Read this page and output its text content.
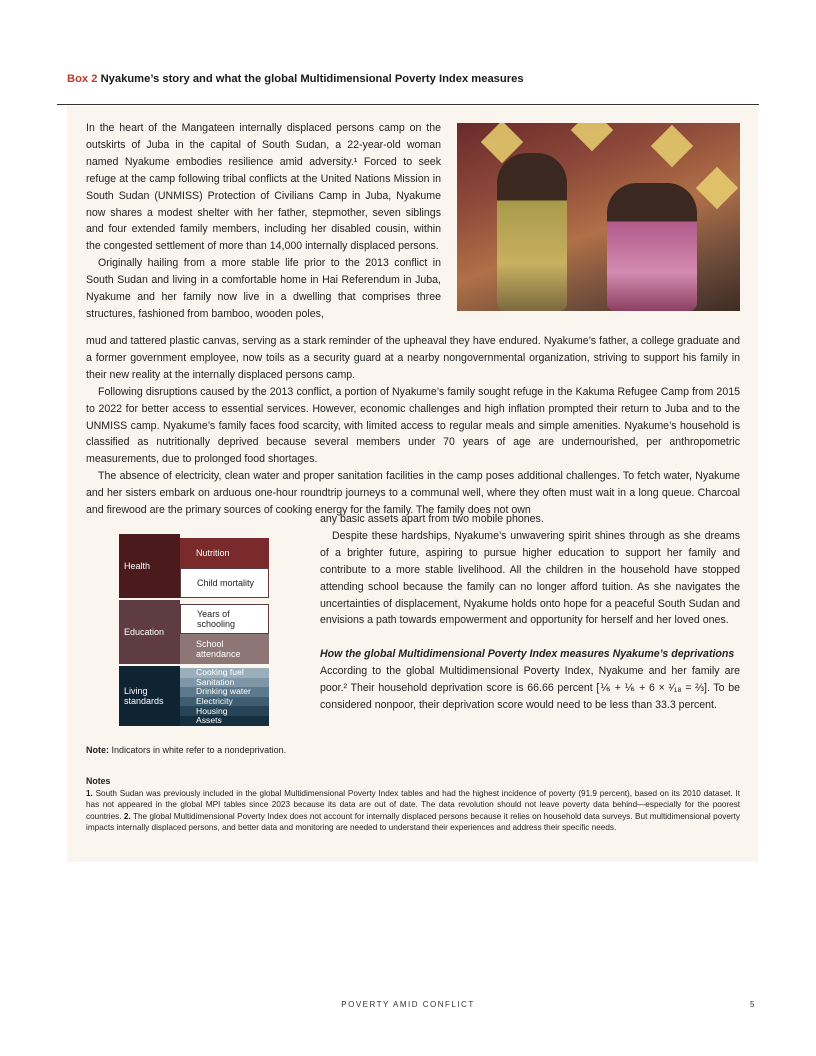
Box 2 Nyakume’s story and what the global Multidimensional Poverty Index measures

In the heart of the Mangateen internally displaced persons camp on the outskirts of Juba in the capital of South Sudan, a 22-year-old woman named Nyakume embodies resilience amid adversity.¹ Forced to seek refuge at the camp following tribal conflicts at the United Nations Mission in South Sudan (UNMISS) Protection of Civilians Camp in Juba, Nyakume now shares a modest shelter with her father, stepmother, seven siblings and four extended family members, including her disabled cousin, within the congested settlement of more than 14,000 internally displaced persons.

Originally hailing from a more stable life prior to the 2013 conflict in South Sudan and living in a comfortable home in Hai Referendum in Juba, Nyakume and her family now live in a dwelling that comprises three structures, fashioned from bamboo, wooden poles,

mud and tattered plastic canvas, serving as a stark reminder of the upheaval they have endured. Nyakume’s father, a college graduate and a former government employee, now toils as a security guard at a nearby nongovernmental organization, striving to support his family in their new reality at the internally displaced persons camp.

Following disruptions caused by the 2013 conflict, a portion of Nyakume’s family sought refuge in the Kakuma Refugee Camp from 2015 to 2022 for better access to essential services. However, economic challenges and high inflation prompted their return to Juba and to the UNMISS camp. Nyakume’s family faces food scarcity, with limited access to regular meals and simple amenities. Nyakume’s household is classified as nutritionally deprived because several members under 70 years of age are undernourished, per anthropometric measurements, due to prolonged food shortages.

The absence of electricity, clean water and proper sanitation facilities in the camp poses additional challenges. To fetch water, Nyakume and her sisters embark on arduous one-hour roundtrip journeys to a communal well, where they often must wait in a long queue. Charcoal and firewood are the primary sources of cooking energy for the family. The family does not own

any basic assets apart from two mobile phones.

Despite these hardships, Nyakume’s unwavering spirit shines through as she dreams of a brighter future, aspiring to pursue higher education to support her family and contribute to a more stable livelihood. All the children in the household have stopped attending school because the family can no longer afford tuition. As she navigates the uncertainties of displacement, Nyakume holds onto hope for a peaceful South Sudan and envisions a path towards empowerment and opportunity for herself and her loved ones.

How the global Multidimensional Poverty Index measures Nyakume’s deprivations

According to the global Multidimensional Poverty Index, Nyakume and her family are poor.² Their household deprivation score is 66.66 percent [⅙ + ⅙ + 6 × ¹⁄₁₈ = ⅔]. To be considered nonpoor, their deprivation score would need to be less than 33.3 percent.

Health
Nutrition
Child mortality
Education
Years of schooling
School attendance
Living standards
Cooking fuel
Sanitation
Drinking water
Electricity
Housing
Assets
Note: Indicators in white refer to a nondeprivation.
Notes
1. South Sudan was previously included in the global Multidimensional Poverty Index tables and had the highest incidence of poverty (91.9 percent), based on its 2010 dataset. It has not appeared in the global MPI tables since 2023 because its data are out of date. The data revolution should not leave poverty data behind—especially for the poorest countries. 2. The global Multidimensional Poverty Index does not account for internally displaced persons because it relies on household data surveys. But multidimensional poverty impacts internally displaced persons, and better data and monitoring are needed to understand their experiences and address their specific needs.
POVERTY AMID CONFLICT	5
